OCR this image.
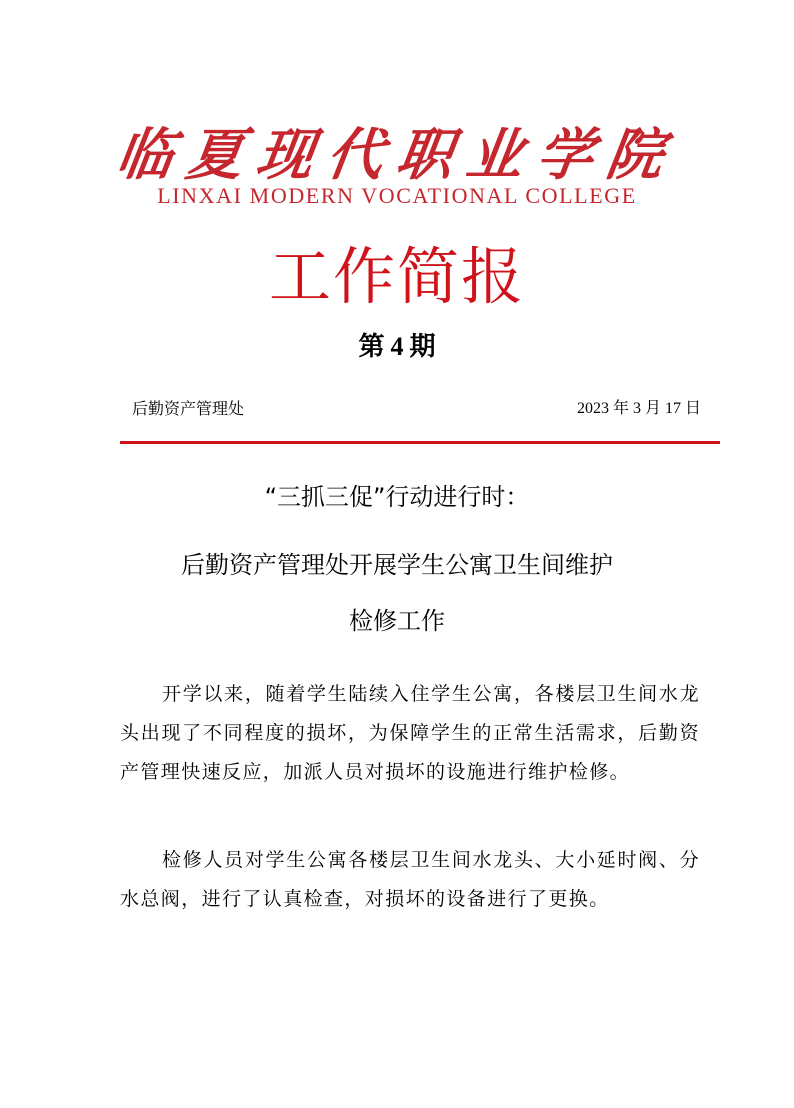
临夏现代职业学院
LINXAI MODERN VOCATIONAL COLLEGE
工作简报
第 4 期
后勤资产管理处	2023 年 3 月 17 日
“三抓三促”行动进行时：
后勤资产管理处开展学生公寓卫生间维护
检修工作

开学以来，随着学生陆续入住学生公寓，各楼层卫生间水龙头出现了不同程度的损坏，为保障学生的正常生活需求，后勤资产管理快速反应，加派人员对损坏的设施进行维护检修。

检修人员对学生公寓各楼层卫生间水龙头、大小延时阀、分水总阀，进行了认真检查，对损坏的设备进行了更换。
